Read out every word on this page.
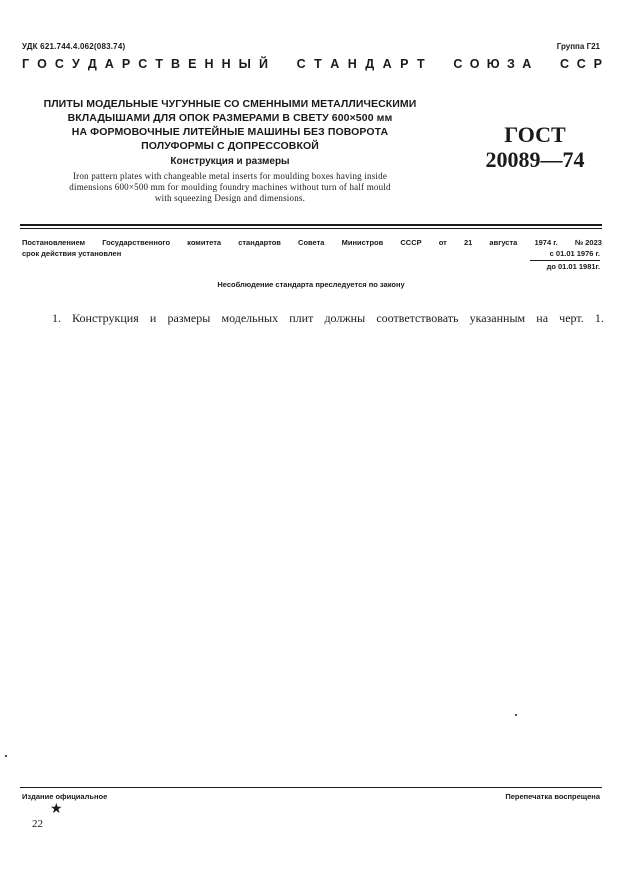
УДК 621.744.4.062(083.74)	Группа Г21
Г О С У Д А Р С Т В Е Н Н Ы Й С Т А Н Д А Р Т С О Ю З А С С Р

ПЛИТЫ МОДЕЛЬНЫЕ ЧУГУННЫЕ СО СМЕННЫМИ МЕТАЛЛИЧЕСКИМИ
ВКЛАДЫШАМИ ДЛЯ ОПОК РАЗМЕРАМИ В СВЕТУ 600×500 мм
НА ФОРМОВОЧНЫЕ ЛИТЕЙНЫЕ МАШИНЫ БЕЗ ПОВОРОТА
ПОЛУФОРМЫ С ДОПРЕССОВКОЙ

Конструкция и размеры

Iron pattern plates with changeable metal inserts for moulding boxes having inside
dimensions 600×500 mm for moulding foundry machines without turn of half mould
with squeezing Design and dimensions.

ГОСТ
20089—74
Постановлением Государственного комитета стандартов Совета Министров СССР от 21 августа 1974 г. № 2023
срок действия установлен	с 01.01 1976 г.
до 01.01 1981г.
Несоблюдение стандарта преследуется по закону
1. Конструкция и размеры модельных плит должны соответствовать указанным на черт. 1.
Издание официальное	Перепечатка воспрещена
★
22
